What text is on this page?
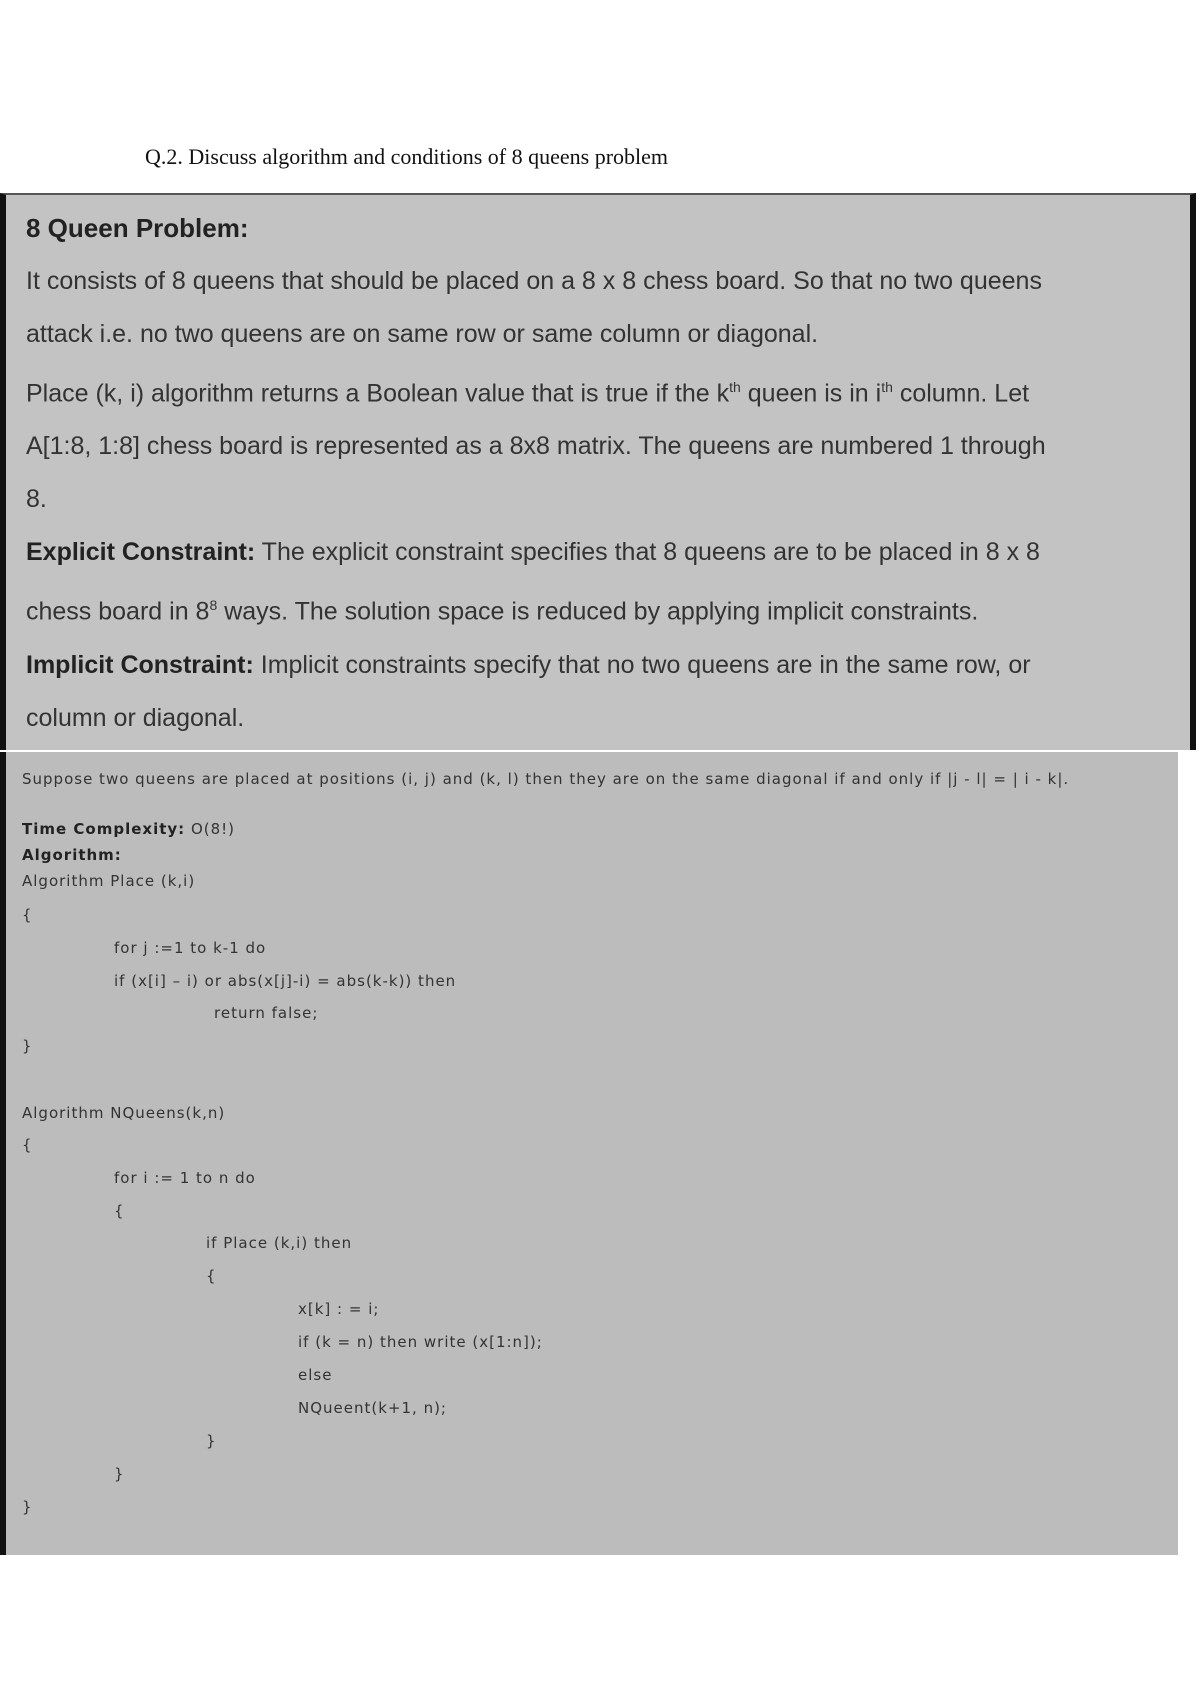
Q.2. Discuss algorithm and conditions of 8 queens problem
8 Queen Problem:
It consists of 8 queens that should be placed on a 8 x 8 chess board. So that no two queens
attack i.e. no two queens are on same row or same column or diagonal.
Place (k, i) algorithm returns a Boolean value that is true if the $k^{th}$ queen is in $i^{th}$ column. Let
A[1:8, 1:8] chess board is represented as a 8x8 matrix. The queens are numbered 1 through
8.
Explicit Constraint: The explicit constraint specifies that 8 queens are to be placed in 8 x 8
chess board in $8^8$ ways. The solution space is reduced by applying implicit constraints.
Implicit Constraint: Implicit constraints specify that no two queens are in the same row, or
column or diagonal.
Suppose two queens are placed at positions (i, j) and (k, l) then they are on the same diagonal if and only if |j - l| = | i - k|.
Time Complexity: O(8!)
Algorithm:
Algorithm Place (k,i)
{
for j :=1 to k-1 do
if (x[i] – i) or abs(x[j]-i) = abs(k-k)) then
return false;
}
Algorithm NQueens(k,n)
{
for i := 1 to n do
{
if Place (k,i) then
{
x[k] : = i;
if (k = n) then write (x[1:n]);
else
NQueent(k+1, n);
}
}
}
